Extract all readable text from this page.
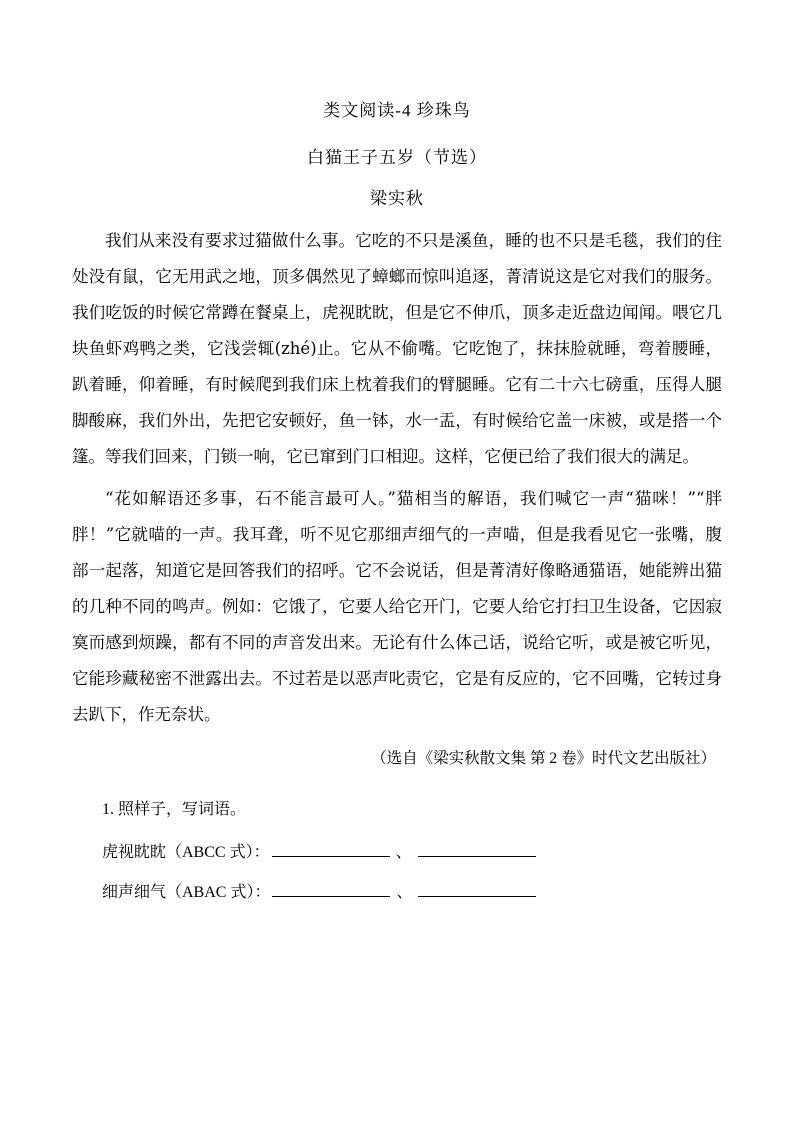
类文阅读-4 珍珠鸟
白猫王子五岁（节选）
梁实秋

我们从来没有要求过猫做什么事。它吃的不只是溪鱼，睡的也不只是毛毯，我们的住处没有鼠，它无用武之地，顶多偶然见了蟑螂而惊叫追逐，菁清说这是它对我们的服务。我们吃饭的时候它常蹲在餐桌上，虎视眈眈，但是它不伸爪，顶多走近盘边闻闻。喂它几块鱼虾鸡鸭之类，它浅尝辄(zhé)止。它从不偷嘴。它吃饱了，抹抹脸就睡，弯着腰睡，趴着睡，仰着睡，有时候爬到我们床上枕着我们的臂腿睡。它有二十六七磅重，压得人腿脚酸麻，我们外出，先把它安顿好，鱼一钵，水一盂，有时候给它盖一床被，或是搭一个篷。等我们回来，门锁一响，它已窜到门口相迎。这样，它便已给了我们很大的满足。

“花如解语还多事，石不能言最可人。”猫相当的解语，我们喊它一声“猫咪！”“胖胖！”它就喵的一声。我耳聋，听不见它那细声细气的一声喵，但是我看见它一张嘴，腹部一起落，知道它是回答我们的招呼。它不会说话，但是菁清好像略通猫语，她能辨出猫的几种不同的鸣声。例如：它饿了，它要人给它开门，它要人给它打扫卫生设备，它因寂寞而感到烦躁，都有不同的声音发出来。无论有什么体己话，说给它听，或是被它听见，它能珍藏秘密不泄露出去。不过若是以恶声叱责它，它是有反应的，它不回嘴，它转过身去趴下，作无奈状。

（选自《梁实秋散文集 第 2 卷》时代文艺出版社）
1. 照样子，写词语。
虎视眈眈（ABCC 式）：	、
细声细气（ABAC 式）：	、
